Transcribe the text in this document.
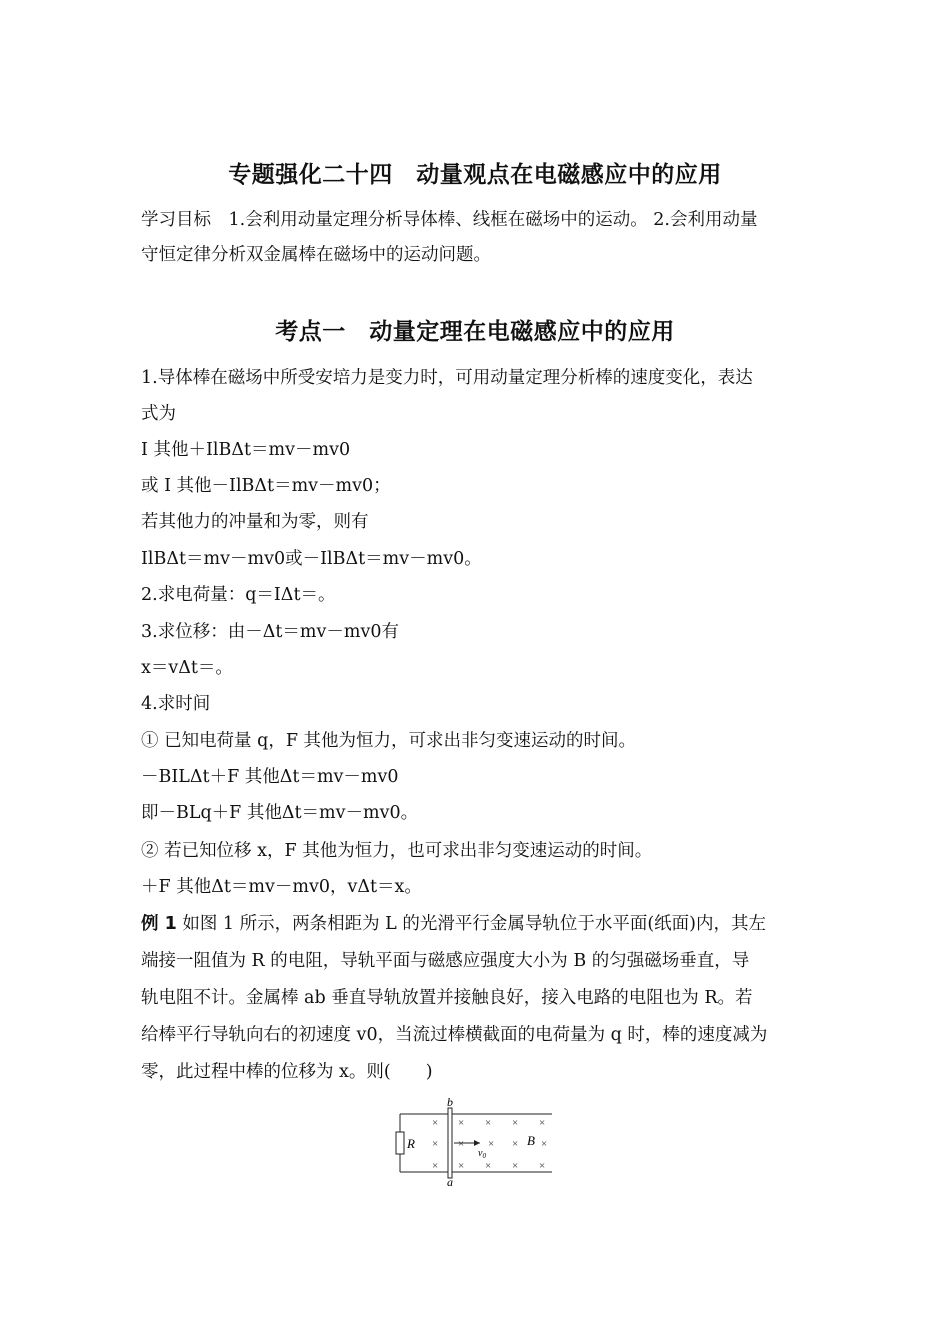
专题强化二十四　动量观点在电磁感应中的应用
学习目标　1.会利用动量定理分析导体棒、线框在磁场中的运动。 2.会利用动量
守恒定律分析双金属棒在磁场中的运动问题。
考点一　动量定理在电磁感应中的应用
1.导体棒在磁场中所受安培力是变力时，可用动量定理分析棒的速度变化，表达
式为
I 其他＋IlBΔt＝mv－mv0
或 I 其他－IlBΔt＝mv－mv0；
若其他力的冲量和为零，则有
IlBΔt＝mv－mv0或－IlBΔt＝mv－mv0。
2.求电荷量：q＝IΔt＝。
3.求位移：由－Δt＝mv－mv0有
x＝vΔt＝。
4.求时间
① 已知电荷量 q，F 其他为恒力，可求出非匀变速运动的时间。
－BILΔt＋F 其他Δt＝mv－mv0
即－BLq＋F 其他Δt＝mv－mv0。
② 若已知位移 x，F 其他为恒力，也可求出非匀变速运动的时间。
＋F 其他Δt＝mv－mv0，vΔt＝x。
例 1 如图 1 所示，两条相距为 L 的光滑平行金属导轨位于水平面(纸面)内，其左
端接一阻值为 R 的电阻，导轨平面与磁感应强度大小为 B 的匀强磁场垂直，导
轨电阻不计。金属棒 ab 垂直导轨放置并接触良好，接入电路的电阻也为 R。若
给棒平行导轨向右的初速度 v0，当流过棒横截面的电荷量为 q 时，棒的速度减为
零，此过程中棒的位移为 x。则(　　)
R
b
a
×
×
×
×
×
×
×
×
×
×
×
×
×
×
×
$v_0$
B
